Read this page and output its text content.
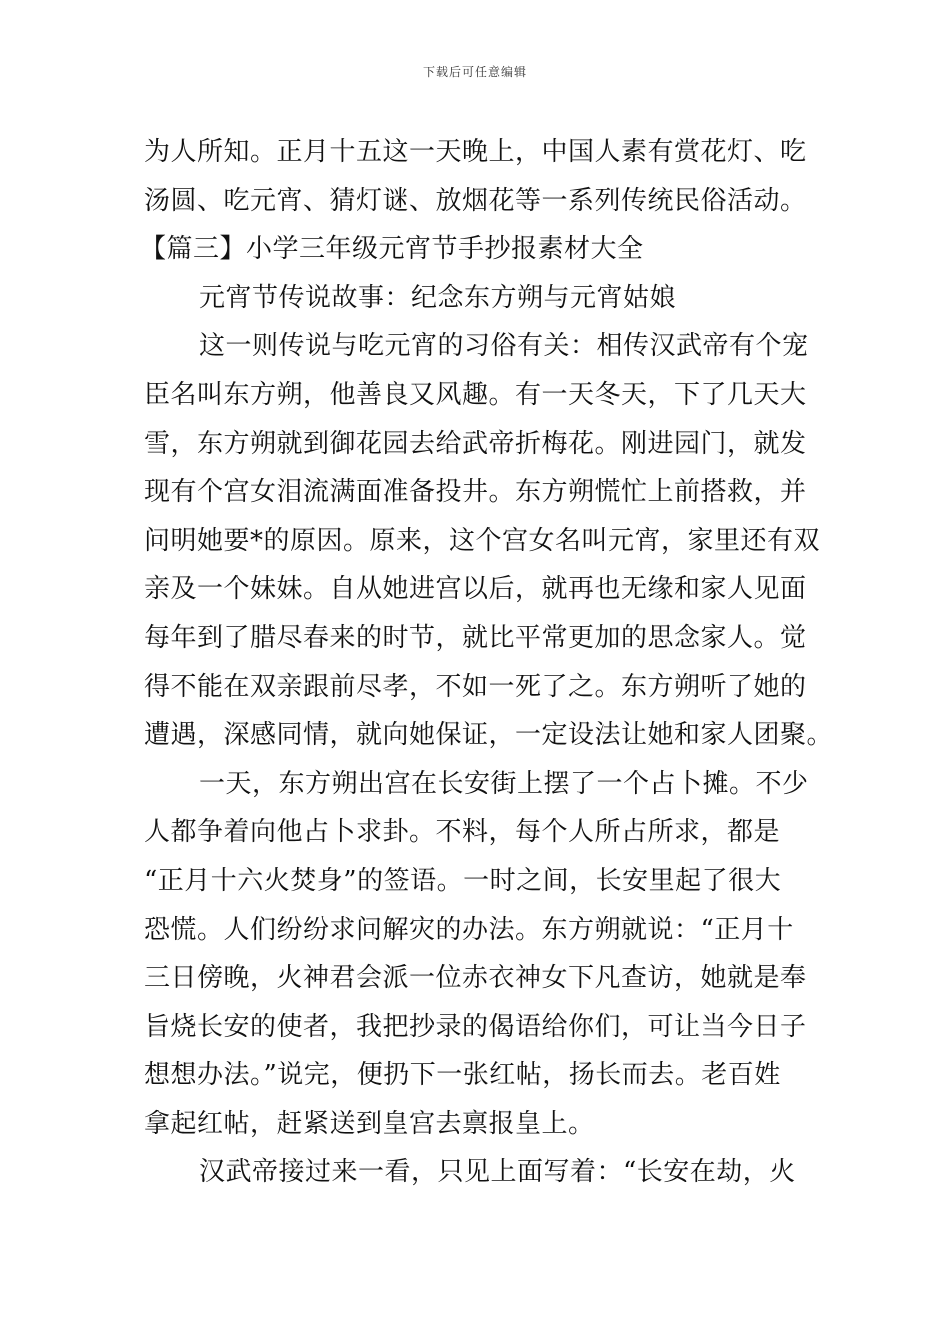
下载后可任意编辑
为人所知。正月十五这一天晚上，中国人素有赏花灯、吃
汤圆、吃元宵、猜灯谜、放烟花等一系列传统民俗活动。
【篇三】小学三年级元宵节手抄报素材大全
元宵节传说故事：纪念东方朔与元宵姑娘
这一则传说与吃元宵的习俗有关：相传汉武帝有个宠
臣名叫东方朔，他善良又风趣。有一天冬天，下了几天大
雪，东方朔就到御花园去给武帝折梅花。刚进园门，就发
现有个宫女泪流满面准备投井。东方朔慌忙上前搭救，并
问明她要*的原因。原来，这个宫女名叫元宵，家里还有双
亲及一个妹妹。自从她进宫以后，就再也无缘和家人见面
每年到了腊尽春来的时节，就比平常更加的思念家人。觉
得不能在双亲跟前尽孝，不如一死了之。东方朔听了她的
遭遇，深感同情，就向她保证，一定设法让她和家人团聚。
一天，东方朔出宫在长安街上摆了一个占卜摊。不少
人都争着向他占卜求卦。不料，每个人所占所求，都是
“正月十六火焚身”的签语。一时之间，长安里起了很大
恐慌。人们纷纷求问解灾的办法。东方朔就说：“正月十
三日傍晚，火神君会派一位赤衣神女下凡查访，她就是奉
旨烧长安的使者，我把抄录的偈语给你们，可让当今日子
想想办法。”说完，便扔下一张红帖，扬长而去。老百姓
拿起红帖，赶紧送到皇宫去禀报皇上。
汉武帝接过来一看，只见上面写着：“长安在劫，火
